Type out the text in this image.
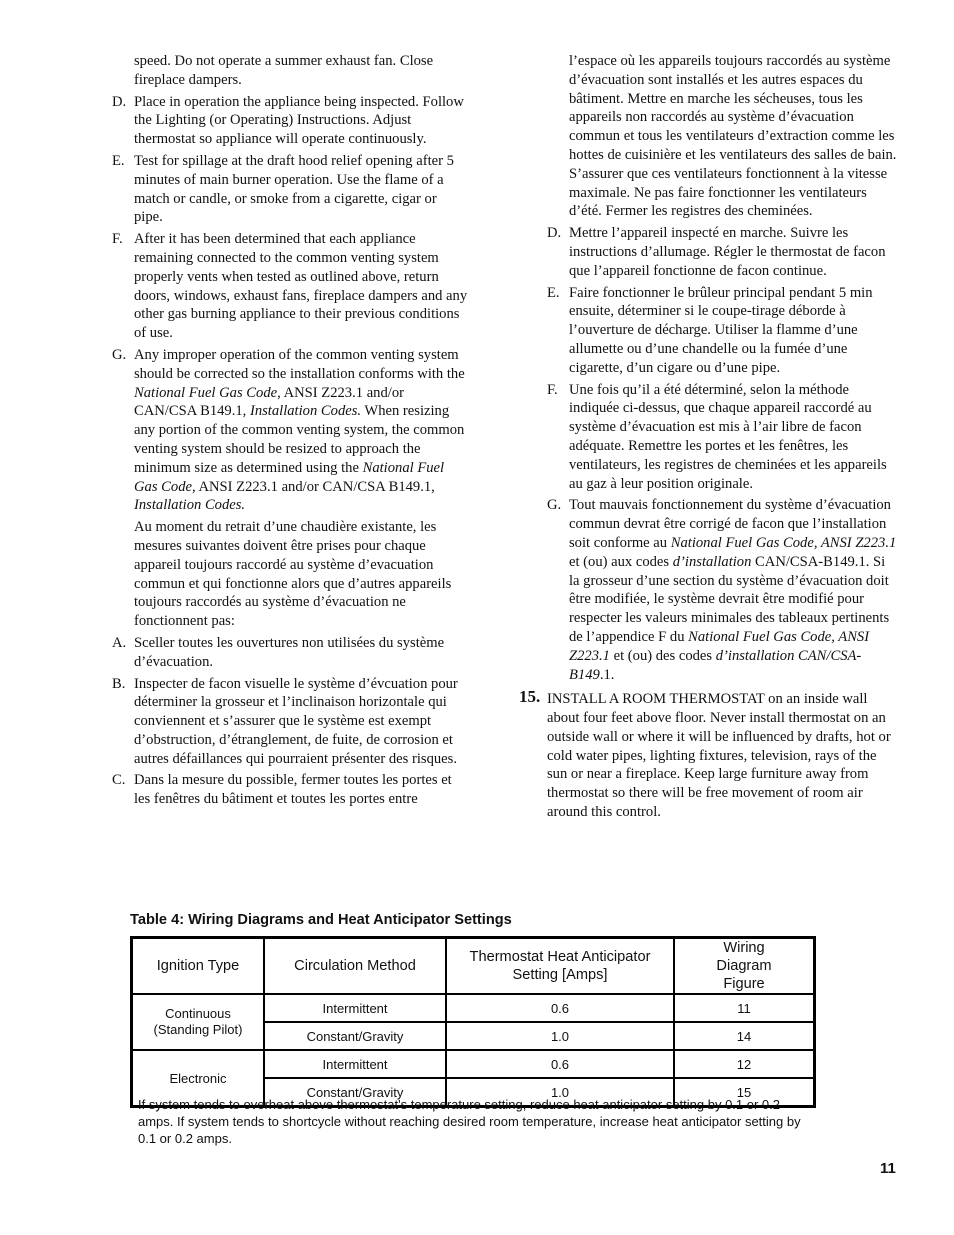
speed. Do not operate a summer exhaust fan. Close fireplace dampers.

D. Place in operation the appliance being inspected. Follow the Lighting (or Operating) Instructions. Adjust thermostat so appliance will operate continuously.
E. Test for spillage at the draft hood relief opening after 5 minutes of main burner operation. Use the flame of a match or candle, or smoke from a cigarette, cigar or pipe.
F. After it has been determined that each appliance remaining connected to the common venting system properly vents when tested as outlined above, return doors, windows, exhaust fans, fireplace dampers and any other gas burning appliance to their previous conditions of use.
G. Any improper operation of the common venting system should be corrected so the installation conforms with the National Fuel Gas Code, ANSI Z223.1 and/or CAN/CSA B149.1, Installation Codes. When resizing any portion of the common venting system, the common venting system should be resized to approach the minimum size as determined using the National Fuel Gas Code, ANSI Z223.1 and/or CAN/CSA B149.1, Installation Codes.

Au moment du retrait d’une chaudière existante, les mesures suivantes doivent être prises pour chaque appareil toujours raccordé au système d’evacuation commun et qui fonctionne alors que d’autres appareils toujours raccordés au système d’évacuation ne fonctionnent pas:

A. Sceller toutes les ouvertures non utilisées du système d’évacuation.
B. Inspecter de facon visuelle le système d’évcuation pour déterminer la grosseur et l’inclinaison horizontale qui conviennent et s’assurer que le système est exempt d’obstruction, d’étranglement, de fuite, de corrosion et autres défaillances qui pourraient présenter des risques.
C. Dans la mesure du possible, fermer toutes les portes et les fenêtres du bâtiment et toutes les portes entre

l’espace où les appareils toujours raccordés au système d’évacuation sont installés et les autres espaces du bâtiment. Mettre en marche les sécheuses, tous les appareils non raccordés au système d’évacuation commun et tous les ventilateurs d’extraction comme les hottes de cuisinière et les ventilateurs des salles de bain. S’assurer que ces ventilateurs fonctionnent à la vitesse maximale. Ne pas faire fonctionner les ventilateurs d’été. Fermer les registres des cheminées.

D. Mettre l’appareil inspecté en marche. Suivre les instructions d’allumage. Régler le thermostat de facon que l’appareil fonctionne de facon continue.
E. Faire fonctionner le brûleur principal pendant 5 min ensuite, déterminer si le coupe-tirage déborde à l’ouverture de décharge. Utiliser la flamme d’une allumette ou d’une chandelle ou la fumée d’une cigarette, d’un cigare ou d’une pipe.
F. Une fois qu’il a été déterminé, selon la méthode indiquée ci-dessus, que chaque appareil raccordé au système d’évacuation est mis à l’air libre de facon adéquate. Remettre les portes et les fenêtres, les ventilateurs, les registres de cheminées et les appareils au gaz à leur position originale.
G. Tout mauvais fonctionnement du système d’évacuation commun devrat être corrigé de facon que l’installation soit conforme au National Fuel Gas Code, ANSI Z223.1 et (ou) aux codes d’installation CAN/CSA-B149.1. Si la grosseur d’une section du système d’évacuation doit être modifiée, le système devrait être modifié pour respecter les valeurs minimales des tableaux pertinents de l’appendice F du National Fuel Gas Code, ANSI Z223.1 et (ou) des codes d’installation CAN/CSA-B149.1.
15. INSTALL A ROOM THERMOSTAT on an inside wall about four feet above floor. Never install thermostat on an outside wall or where it will be influenced by drafts, hot or cold water pipes, lighting fixtures, television, rays of the sun or near a fireplace. Keep large furniture away from thermostat so there will be free movement of room air around this control.
Table 4: Wiring Diagrams and Heat Anticipator Settings
Ignition Type	Circulation Method	Thermostat Heat Anticipator Setting [Amps]	Wiring Diagram Figure
Continuous (Standing Pilot)	Intermittent	0.6	11
	Constant/Gravity	1.0	14
Electronic	Intermittent	0.6	12
	Constant/Gravity	1.0	15
If system tends to overheat above thermostat's temperature setting, reduce heat anticipator setting by 0.1 or 0.2 amps. If system tends to shortcycle without reaching desired room temperature, increase heat anticipator setting by 0.1 or 0.2 amps.
11
